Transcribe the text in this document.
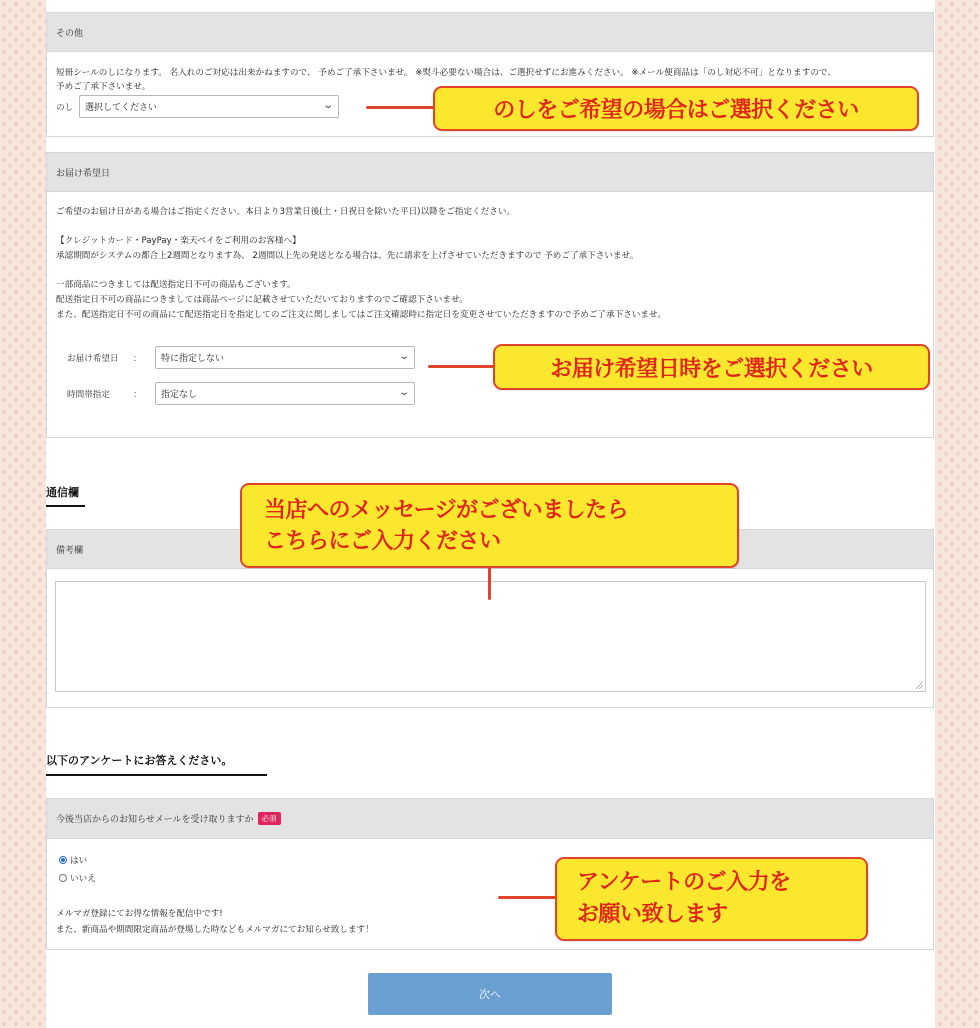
その他
短冊シールのしになります。 名入れのご対応は出来かねますので、 予めご了承下さいませ。 ※熨斗必要ない場合は、ご選択せずにお進みください。 ※メール便商品は「のし対応不可」となりますので、
予めご了承下さいませ。
のし 選択してください	⌄
お届け希望日
ご希望のお届け日がある場合はご指定ください。本日より3営業日後(土・日祝日を除いた平日)以降をご指定ください。
【クレジットカード・PayPay・楽天ペイをご利用のお客様へ】
承認期間がシステムの都合上2週間となります為、 2週間以上先の発送となる場合は、先に請求を上げさせていただきますので 予めご了承下さいませ。
一部商品につきましては配送指定日不可の商品もございます。
配送指定日不可の商品につきましては商品ページに記載させていただいておりますのでご確認下さいませ。
また、配送指定日不可の商品にて配送指定日を指定してのご注文に関しましてはご注文確認時に指定日を変更させていただきますので予めご了承下さいませ。
お届け希望日 ： 特に指定しない	⌄
時間帯指定	： 指定なし	⌄
通信欄
備考欄
以下のアンケートにお答えください。
今後当店からのお知らせメールを受け取りますか	必須
はい
いいえ
メルマガ登録にてお得な情報を配信中です!
また、新商品や期間限定商品が登場した時などもメルマガにてお知らせ致します！
次へ
のしをご希望の場合はご選択ください
お届け希望日時をご選択ください
当店へのメッセージがございましたら
こちらにご入力ください
アンケートのご入力を
お願い致します
